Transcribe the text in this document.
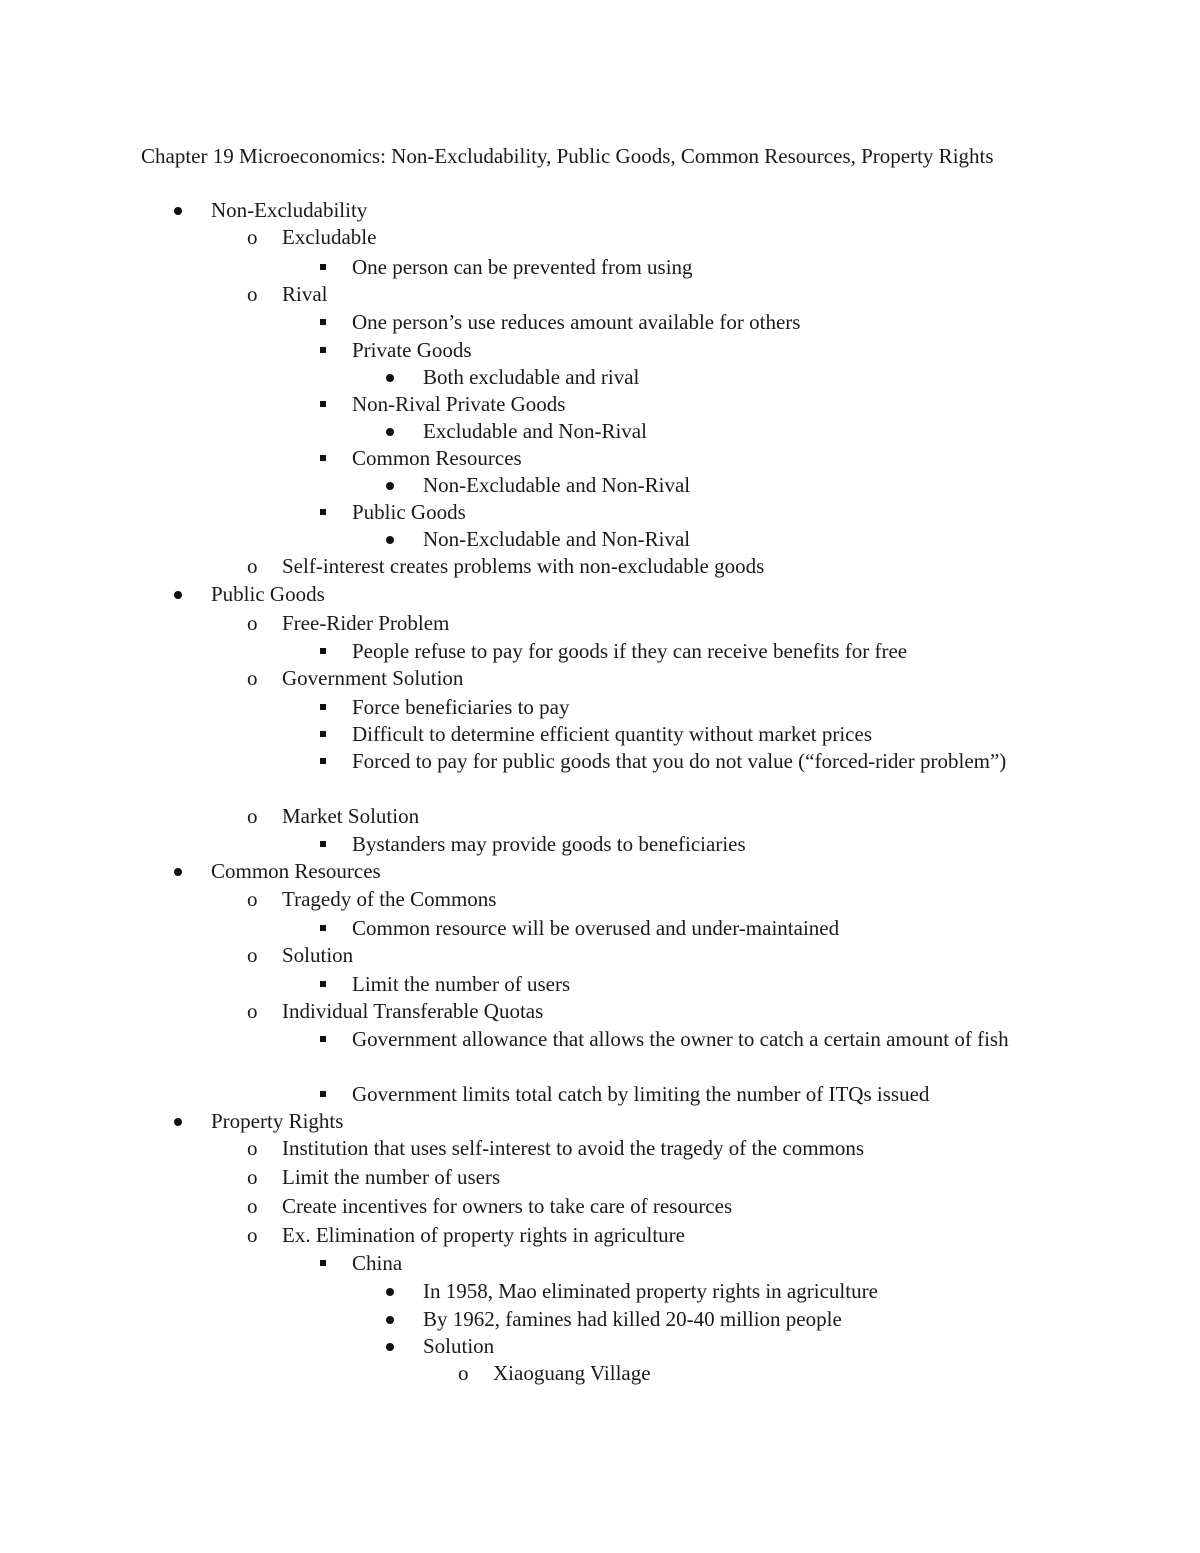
Chapter 19 Microeconomics: Non-Excludability, Public Goods, Common Resources, Property Rights
Non-Excludability
o Excludable
One person can be prevented from using
o Rival
One person’s use reduces amount available for others
Private Goods
Both excludable and rival
Non-Rival Private Goods
Excludable and Non-Rival
Common Resources
Non-Excludable and Non-Rival
Public Goods
Non-Excludable and Non-Rival
o Self-interest creates problems with non-excludable goods
Public Goods
o Free-Rider Problem
People refuse to pay for goods if they can receive benefits for free
o Government Solution
Force beneficiaries to pay
Difficult to determine efficient quantity without market prices
Forced to pay for public goods that you do not value (“forced-rider problem”)
o Market Solution
Bystanders may provide goods to beneficiaries
Common Resources
o Tragedy of the Commons
Common resource will be overused and under-maintained
o Solution
Limit the number of users
o Individual Transferable Quotas
Government allowance that allows the owner to catch a certain amount of fish
Government limits total catch by limiting the number of ITQs issued
Property Rights
o Institution that uses self-interest to avoid the tragedy of the commons
o Limit the number of users
o Create incentives for owners to take care of resources
o Ex. Elimination of property rights in agriculture
China
In 1958, Mao eliminated property rights in agriculture
By 1962, famines had killed 20-40 million people
Solution
o Xiaoguang Village
